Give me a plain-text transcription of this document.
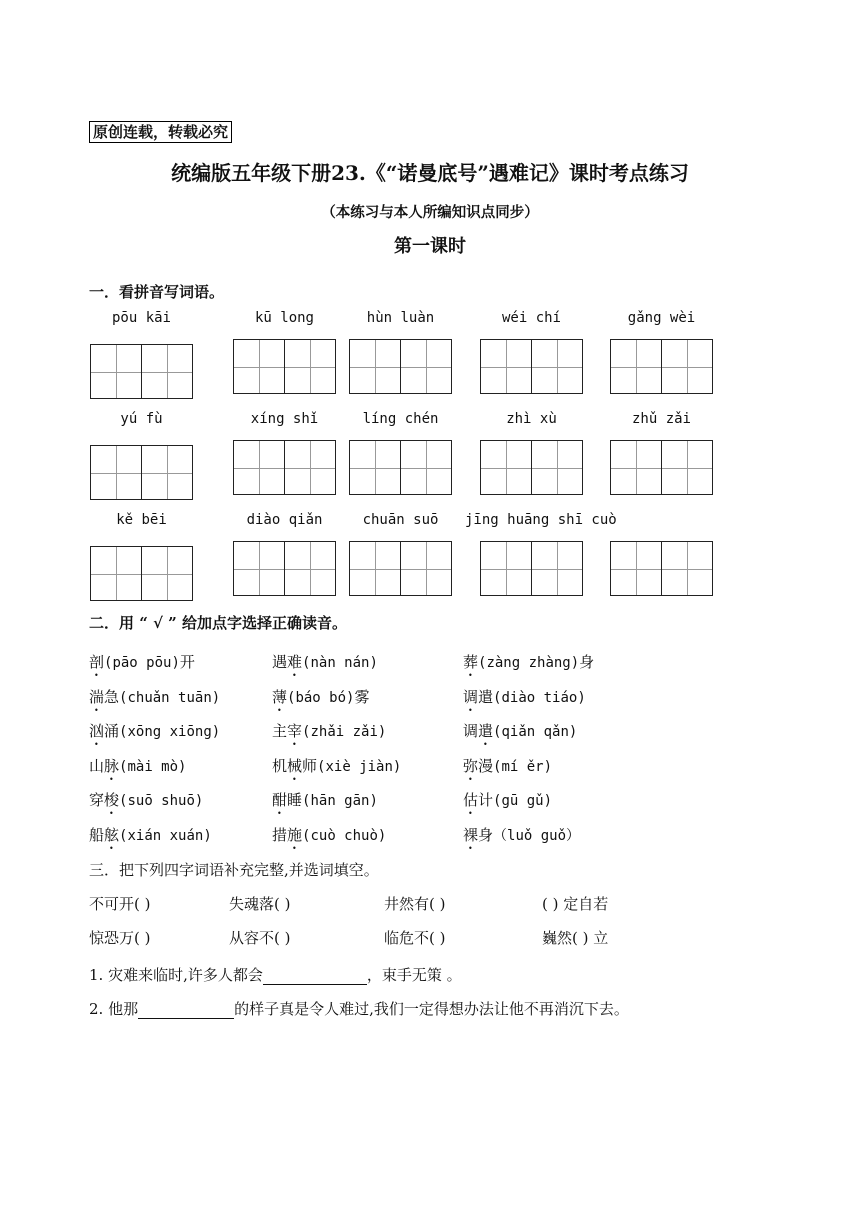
原创连载，转载必究
统编版五年级下册23.《“诺曼底号”遇难记》课时考点练习
（本练习与本人所编知识点同步）
第一课时
一．看拼音写词语。
pōu kāi	kū long	hùn luàn	wéi chí	gǎng wèi
yú fù	xíng shǐ	líng chén	zhì xù	zhǔ zǎi
kě bēi	diào qiǎn	chuān suō	jīng huāng shī cuò
二．用 “ √ ” 给加点字选择正确读音。
剖(pāo pōu)开	遇难(nàn nán)	葬(zàng zhàng)身
湍急(chuǎn tuān)	薄(báo bó)雾	调遣(diào tiáo)
汹涌(xōng xiōng)	主宰(zhǎi zǎi)	调遣(qiǎn qǎn)
山脉(mài mò)	机械师(xiè jiàn)	弥漫(mí ěr)
穿梭(suō shuō)	酣睡(hān gān)	估计(gū gǔ)
船舷(xián xuán)	措施(cuò chuò)	裸身（luǒ guǒ）
三．把下列四字词语补充完整,并选词填空。
不可开( )	失魂落( )	井然有( )	( ) 定自若
惊恐万( )	从容不( )	临危不( )	巍然( ) 立
1. 灾难来临时,许多人都会	，束手无策 。
2. 他那	的样子真是令人难过,我们一定得想办法让他不再消沉下去。
